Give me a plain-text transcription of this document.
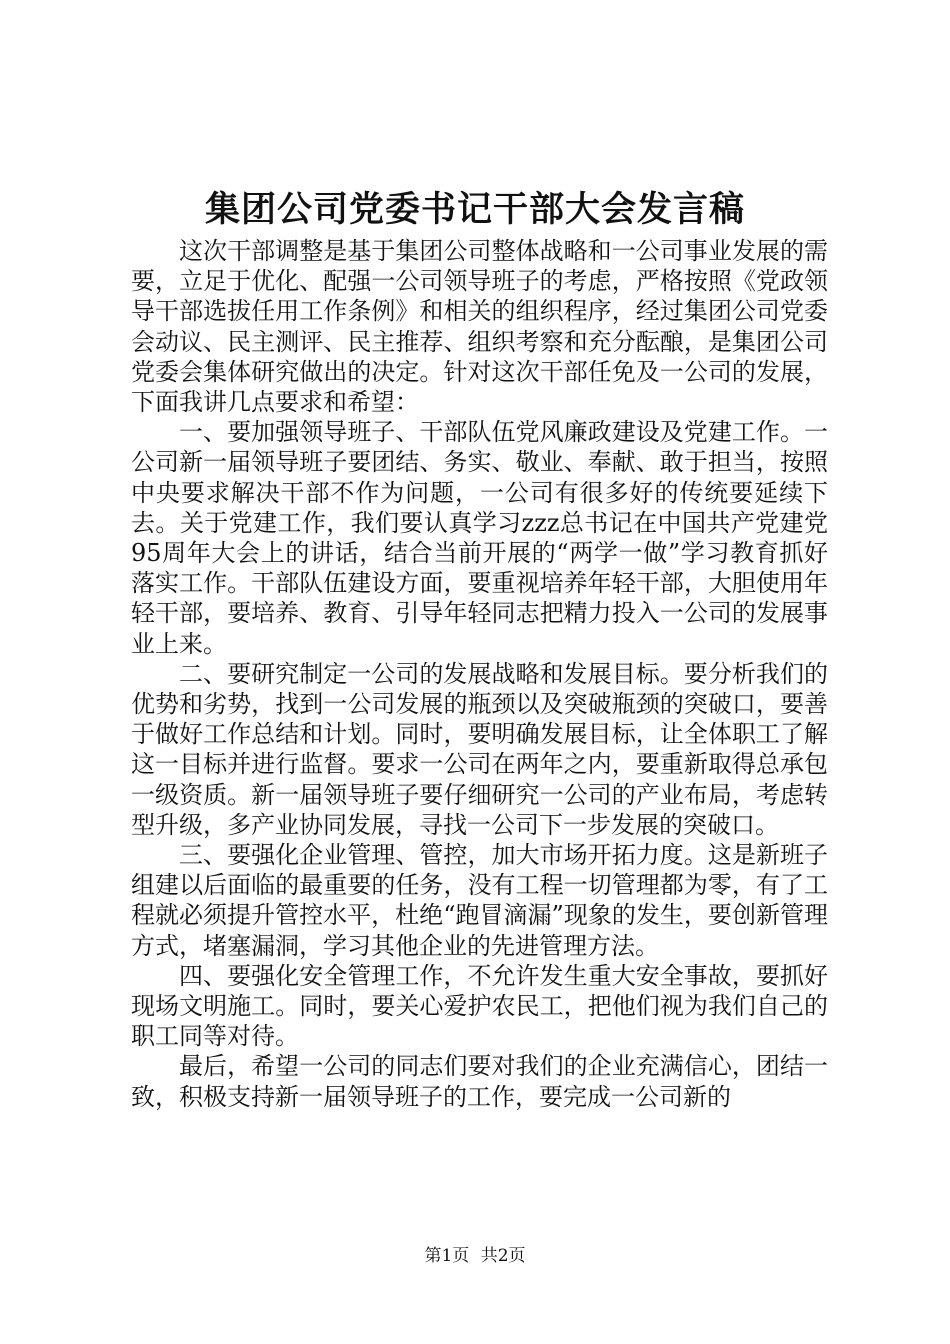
集团公司党委书记干部大会发言稿

这次干部调整是基于集团公司整体战略和一公司事业发展的需要，立足于优化、配强一公司领导班子的考虑，严格按照《党政领导干部选拔任用工作条例》和相关的组织程序，经过集团公司党委会动议、民主测评、民主推荐、组织考察和充分酝酿，是集团公司党委会集体研究做出的决定。针对这次干部任免及一公司的发展，下面我讲几点要求和希望：

一、要加强领导班子、干部队伍党风廉政建设及党建工作。一公司新一届领导班子要团结、务实、敬业、奉献、敢于担当，按照中央要求解决干部不作为问题，一公司有很多好的传统要延续下去。关于党建工作，我们要认真学习zzz总书记在中国共产党建党95周年大会上的讲话，结合当前开展的“两学一做”学习教育抓好落实工作。干部队伍建设方面，要重视培养年轻干部，大胆使用年轻干部，要培养、教育、引导年轻同志把精力投入一公司的发展事业上来。

二、要研究制定一公司的发展战略和发展目标。要分析我们的优势和劣势，找到一公司发展的瓶颈以及突破瓶颈的突破口，要善于做好工作总结和计划。同时，要明确发展目标，让全体职工了解这一目标并进行监督。要求一公司在两年之内，要重新取得总承包一级资质。新一届领导班子要仔细研究一公司的产业布局，考虑转型升级，多产业协同发展，寻找一公司下一步发展的突破口。

三、要强化企业管理、管控，加大市场开拓力度。这是新班子组建以后面临的最重要的任务，没有工程一切管理都为零，有了工程就必须提升管控水平，杜绝“跑冒滴漏”现象的发生，要创新管理方式，堵塞漏洞，学习其他企业的先进管理方法。

四、要强化安全管理工作，不允许发生重大安全事故，要抓好现场文明施工。同时，要关心爱护农民工，把他们视为我们自己的职工同等对待。

最后，希望一公司的同志们要对我们的企业充满信心，团结一致，积极支持新一届领导班子的工作，要完成一公司新的

第1页 共2页
